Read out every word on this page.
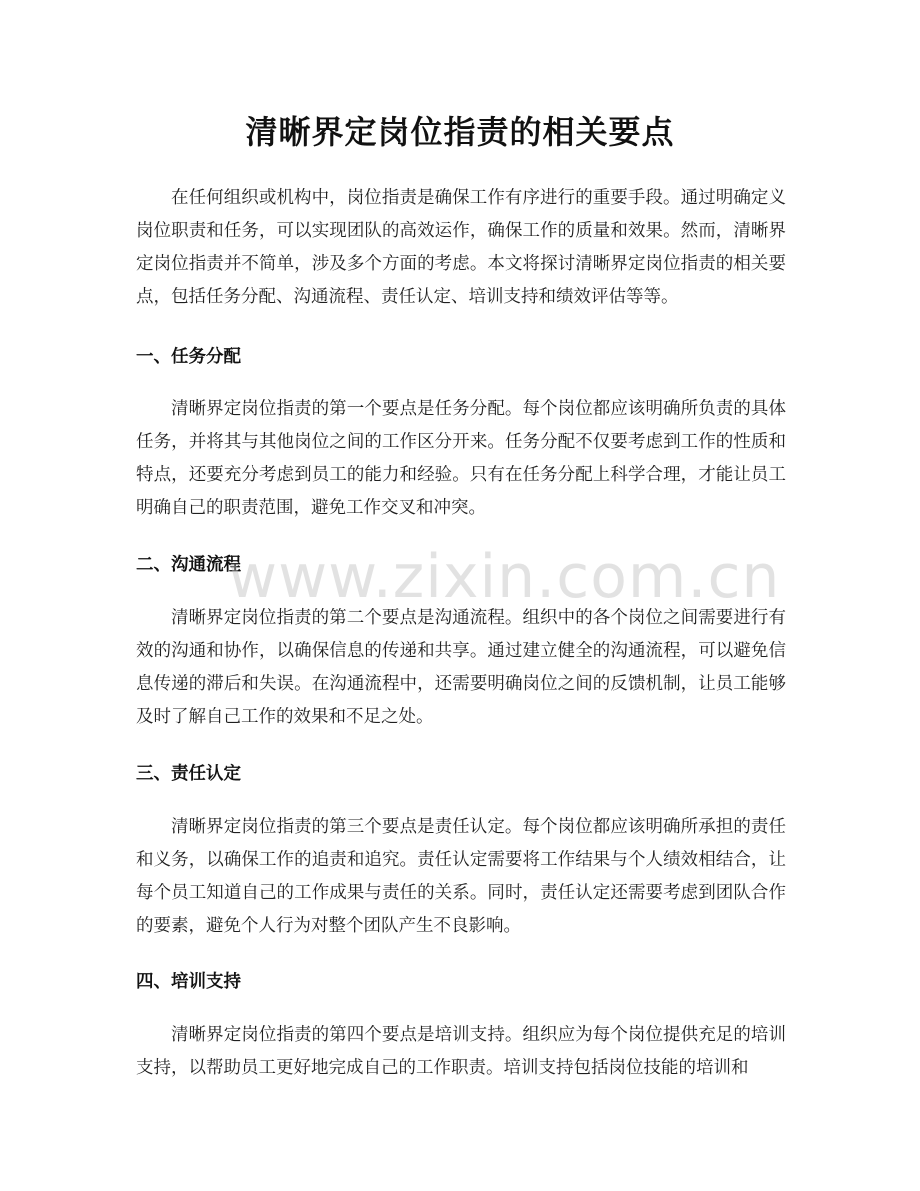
清晰界定岗位指责的相关要点

在任何组织或机构中，岗位指责是确保工作有序进行的重要手段。通过明确定义岗位职责和任务，可以实现团队的高效运作，确保工作的质量和效果。然而，清晰界定岗位指责并不简单，涉及多个方面的考虑。本文将探讨清晰界定岗位指责的相关要点，包括任务分配、沟通流程、责任认定、培训支持和绩效评估等等。

一、任务分配

清晰界定岗位指责的第一个要点是任务分配。每个岗位都应该明确所负责的具体任务，并将其与其他岗位之间的工作区分开来。任务分配不仅要考虑到工作的性质和特点，还要充分考虑到员工的能力和经验。只有在任务分配上科学合理，才能让员工明确自己的职责范围，避免工作交叉和冲突。

二、沟通流程

清晰界定岗位指责的第二个要点是沟通流程。组织中的各个岗位之间需要进行有效的沟通和协作，以确保信息的传递和共享。通过建立健全的沟通流程，可以避免信息传递的滞后和失误。在沟通流程中，还需要明确岗位之间的反馈机制，让员工能够及时了解自己工作的效果和不足之处。

三、责任认定

清晰界定岗位指责的第三个要点是责任认定。每个岗位都应该明确所承担的责任和义务，以确保工作的追责和追究。责任认定需要将工作结果与个人绩效相结合，让每个员工知道自己的工作成果与责任的关系。同时，责任认定还需要考虑到团队合作的要素，避免个人行为对整个团队产生不良影响。

四、培训支持

清晰界定岗位指责的第四个要点是培训支持。组织应为每个岗位提供充足的培训支持，以帮助员工更好地完成自己的工作职责。培训支持包括岗位技能的培训和

www.zixin.com.cn
